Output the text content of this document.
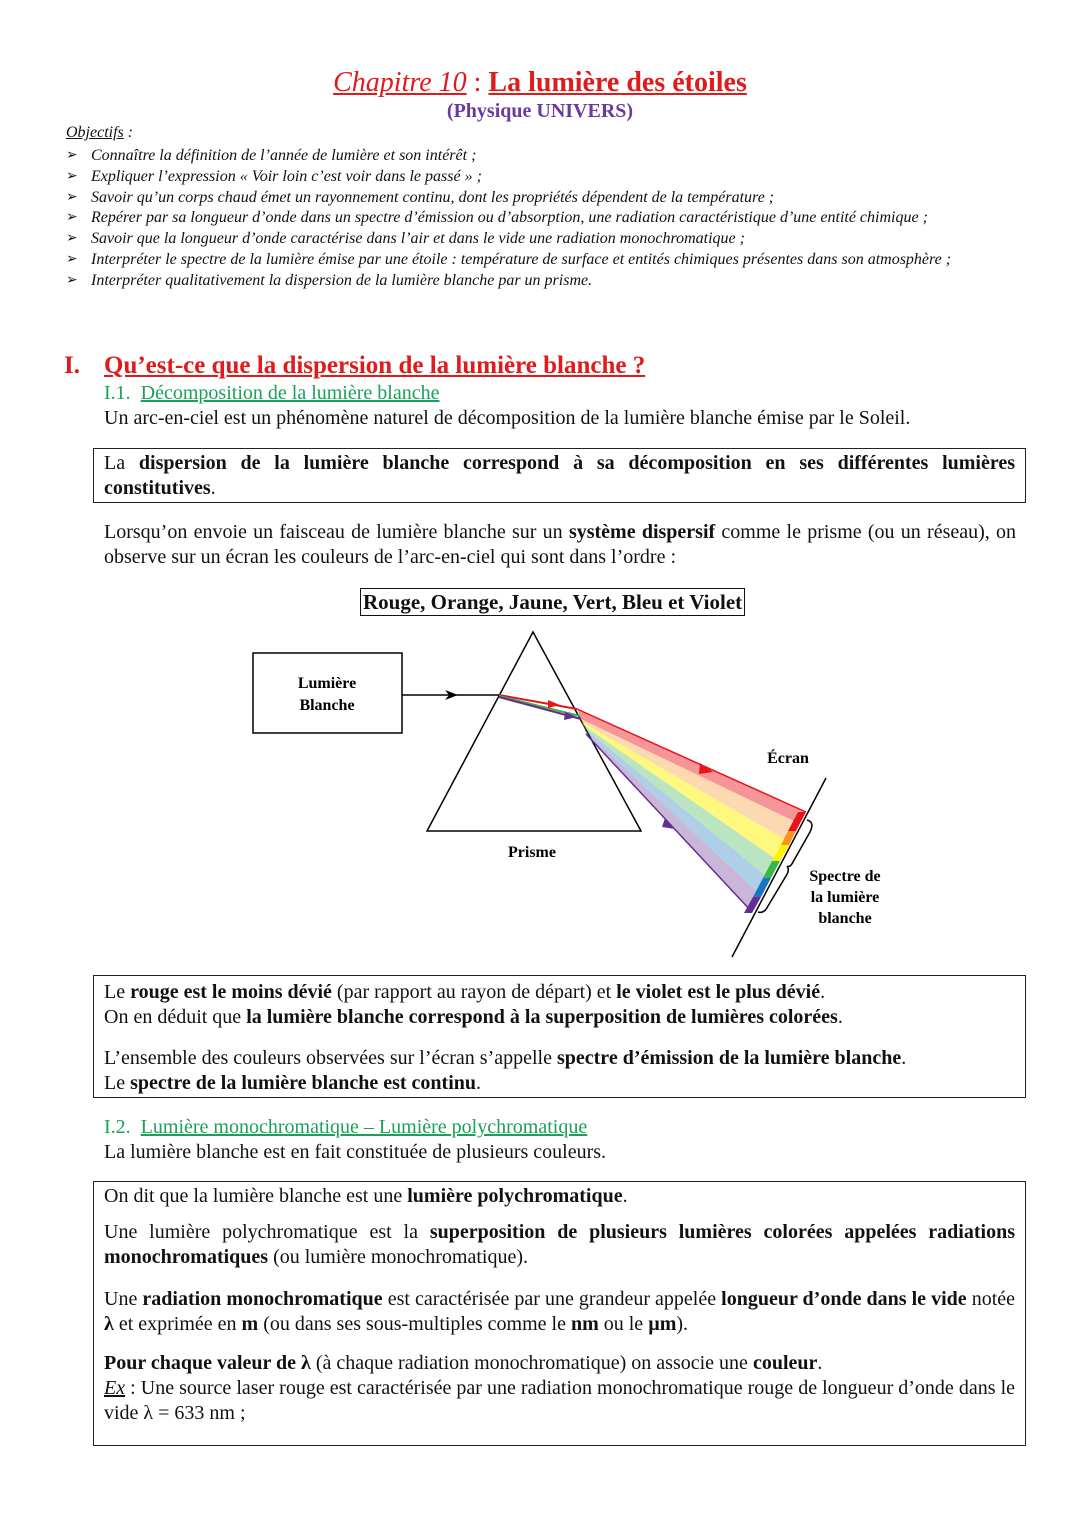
Chapitre 10 : La lumière des étoiles
(Physique UNIVERS)
Objectifs :
➢ Connaître la définition de l’année de lumière et son intérêt ;
➢ Expliquer l’expression « Voir loin c’est voir dans le passé » ;
➢ Savoir qu’un corps chaud émet un rayonnement continu, dont les propriétés dépendent de la température ;
➢ Repérer par sa longueur d’onde dans un spectre d’émission ou d’absorption, une radiation caractéristique d’une entité chimique ;
➢ Savoir que la longueur d’onde caractérise dans l’air et dans le vide une radiation monochromatique ;
➢ Interpréter le spectre de la lumière émise par une étoile : température de surface et entités chimiques présentes dans son atmosphère ;
➢ Interpréter qualitativement la dispersion de la lumière blanche par un prisme.
I. Qu’est-ce que la dispersion de la lumière blanche ?
I.1. Décomposition de la lumière blanche
Un arc-en-ciel est un phénomène naturel de décomposition de la lumière blanche émise par le Soleil.
La dispersion de la lumière blanche correspond à sa décomposition en ses différentes lumières constitutives.
Lorsqu’on envoie un faisceau de lumière blanche sur un système dispersif comme le prisme (ou un réseau), on observe sur un écran les couleurs de l’arc-en-ciel qui sont dans l’ordre :
Rouge, Orange, Jaune, Vert, Bleu et Violet
Lumière
Blanche
Prisme
Écran
Spectre de
la lumière
blanche
Le rouge est le moins dévié (par rapport au rayon de départ) et le violet est le plus dévié.
On en déduit que la lumière blanche correspond à la superposition de lumières colorées.
L’ensemble des couleurs observées sur l’écran s’appelle spectre d’émission de la lumière blanche.
Le spectre de la lumière blanche est continu.
I.2. Lumière monochromatique – Lumière polychromatique
La lumière blanche est en fait constituée de plusieurs couleurs.
On dit que la lumière blanche est une lumière polychromatique.
Une lumière polychromatique est la superposition de plusieurs lumières colorées appelées radiations monochromatiques (ou lumière monochromatique).
Une radiation monochromatique est caractérisée par une grandeur appelée longueur d’onde dans le vide notée λ et exprimée en m (ou dans ses sous-multiples comme le nm ou le µm).
Pour chaque valeur de λ (à chaque radiation monochromatique) on associe une couleur.
Ex : Une source laser rouge est caractérisée par une radiation monochromatique rouge de longueur d’onde dans le vide λ = 633 nm ;
